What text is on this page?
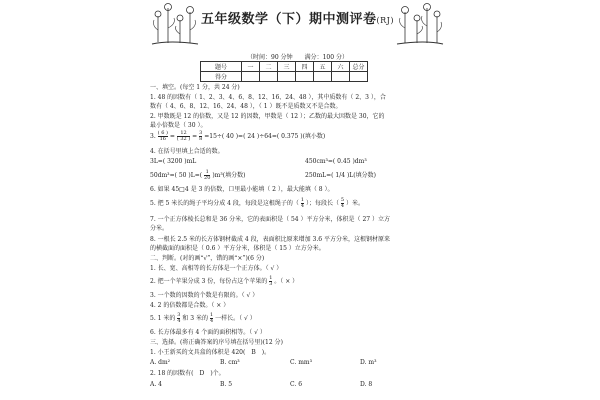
五年级数学（下）期中测评卷(RJ)
（时间：90 分钟　　满分：100 分）
题号	一	二	三	四	五	六	总分
得分							
一、填空。(每空 1 分，共 24 分)
1. 48 的因数有（ 1、2、3、4、6、8、12、16、24、48 ），其中质数有（ 2、3 ），合
数有（ 4、6、8、12、16、24、48 ），（ 1 ）既不是质数又不是合数。
2. 甲数既是 12 的倍数，又是 12 的因数，甲数是（ 12 ）；乙数的最大因数是 30，它的
最小倍数是（ 30 ）。
3. $\frac{( 6 )}{16} = \frac{12}{( 32 )} = \frac{3}{8} =15\div$( 40 )=( 24 )÷64=( 0.375 )(填小数)
4. 在括号里填上合适的数。
3L=( 3200 )mL	450cm³=( 0.45 )dm³
50dm³=( 50 )$L=( \frac{1}{20} )m^3$(填分数)	250mL=( 1/4 )L(填分数)
6. 如果 45□4 是 3 的倍数，口里最小能填（ 2 ），最大能填（ 8 ）。
5. 把 5 米长的绳子平均分成 4 段，每段是这根绳子的（ $\frac{1}{4}$ ）；每段长（ $\frac{5}{4}$ ）米。
7. 一个正方体棱长总和是 36 分米，它的表面积是（ 54 ）平方分米，体积是（ 27 ）立方
分米。
8. 一根长 2.5 米的长方体钢材截成 4 段，表面积比原来增加 3.6 平方分米，这根钢材原来
的横截面的面积是（ 0.6 ）平方分米，体积是（ 15 ）立方分米。
二、判断。(对的画“√”，错的画“×”)(6 分)
1. 长、宽、高相等的长方体是一个正方体。（ √ ）
2. 把一个苹果分成 3 份，每份占这个苹果的 $\frac{1}{3}$ 。（ × ）
3. 一个数的因数的个数是有限的。（ √ ）
4. 2 的倍数都是合数。（ × ）
5. 1 米的 $\frac{3}{4}$ 和 3 米的 $\frac{1}{4}$ 一样长。（ √ ）
6. 长方体最多有 4 个面的面积相等。（ √ ）
三、选择。(将正确答案的序号填在括号里)(12 分)
1. 小王新买的文具盒的体积是 420(　B　)。
A. dm²	B. cm³	C. mm³	D. m³
2. 18 的因数有(　D　)个。
A. 4	B. 5	C. 6	D. 8
